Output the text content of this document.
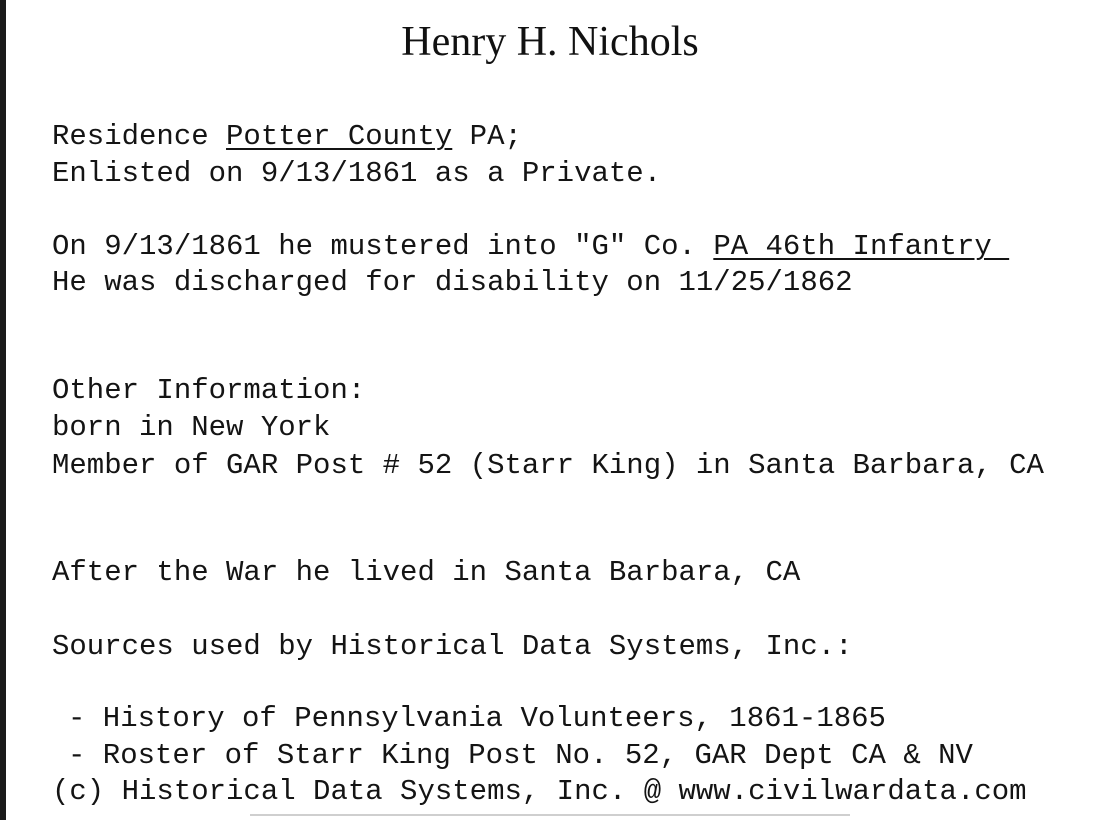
Henry H. Nichols
Residence Potter County PA;
Enlisted on 9/13/1861 as a Private.
On 9/13/1861 he mustered into "G" Co. PA 46th Infantry
He was discharged for disability on 11/25/1862
Other Information:
born in New York
Member of GAR Post # 52 (Starr King) in Santa Barbara, CA
After the War he lived in Santa Barbara, CA
Sources used by Historical Data Systems, Inc.:
- History of Pennsylvania Volunteers, 1861-1865
- Roster of Starr King Post No. 52, GAR Dept CA & NV
(c) Historical Data Systems, Inc. @ www.civilwardata.com
